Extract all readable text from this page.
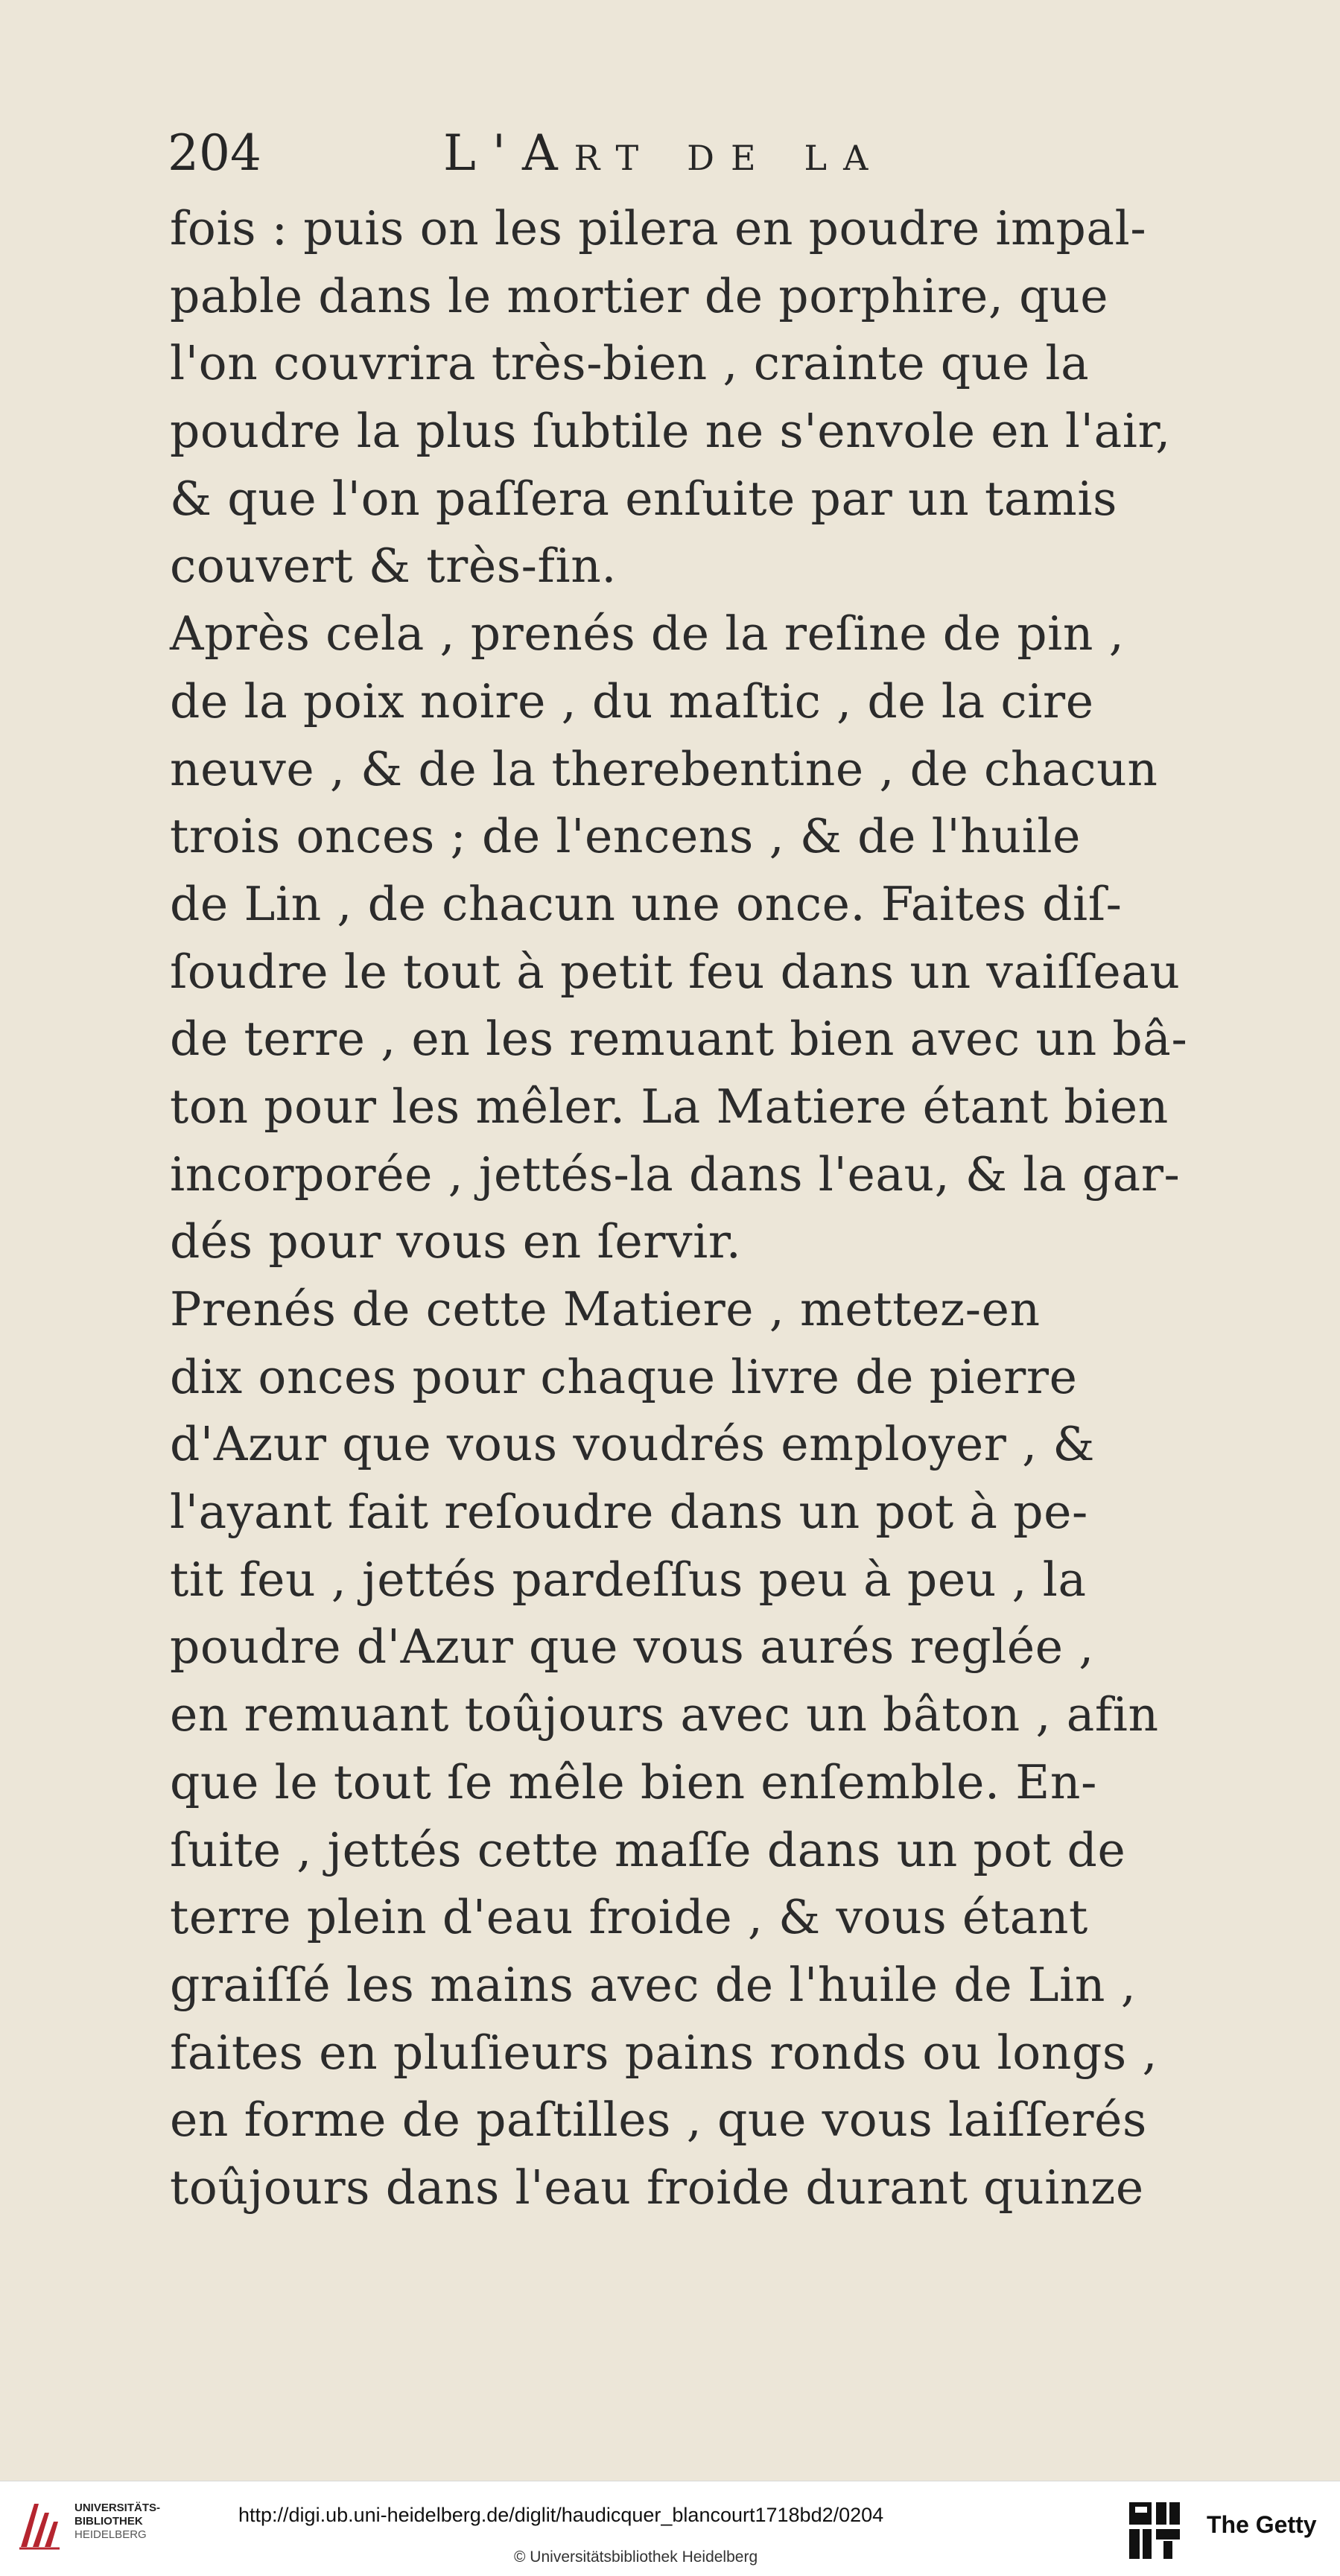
204	L'Art de la
fois : puis on les pilera en poudre impal-
pable dans le mortier de porphire, que
l'on couvrira très-bien , crainte que la
poudre la plus ſubtile ne s'envole en l'air,
& que l'on paſſera enſuite par un tamis
couvert & très-fin.
Après cela , prenés de la reſine de pin ,
de la poix noire , du maſtic , de la cire
neuve , & de la therebentine , de chacun
trois onces ; de l'encens , & de l'huile
de Lin , de chacun une once. Faites diſ-
ſoudre le tout à petit feu dans un vaiſſeau
de terre , en les remuant bien avec un bâ-
ton pour les mêler. La Matiere étant bien
incorporée , jettés-la dans l'eau, & la gar-
dés pour vous en ſervir.
Prenés de cette Matiere , mettez-en
dix onces pour chaque livre de pierre
d'Azur que vous voudrés employer , &
l'ayant fait reſoudre dans un pot à pe-
tit feu , jettés pardeſſus peu à peu , la
poudre d'Azur que vous aurés reglée ,
en remuant toûjours avec un bâton , afin
que le tout ſe mêle bien enſemble. En-
ſuite , jettés cette maſſe dans un pot de
terre plein d'eau froide , & vous étant
graiſſé les mains avec de l'huile de Lin ,
faites en pluſieurs pains ronds ou longs ,
en forme de paſtilles , que vous laiſſerés
toûjours dans l'eau froide durant quinze
UNIVERSITÄTS-
BIBLIOTHEK
HEIDELBERG
http://digi.ub.uni-heidelberg.de/diglit/haudicquer_blancourt1718bd2/0204
© Universitätsbibliothek Heidelberg
The Getty
